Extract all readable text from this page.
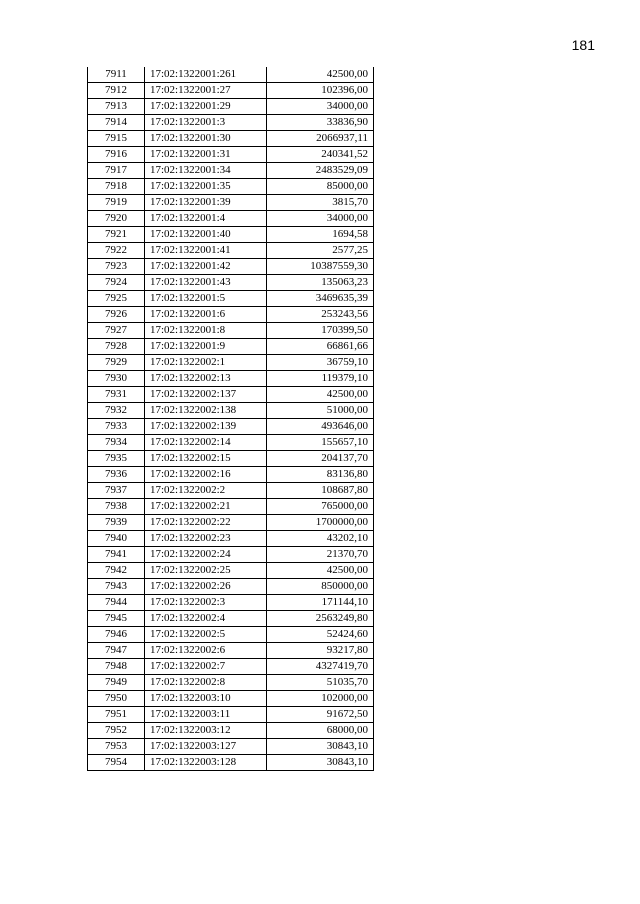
181
7911	17:02:1322001:261	42500,00
7912	17:02:1322001:27	102396,00
7913	17:02:1322001:29	34000,00
7914	17:02:1322001:3	33836,90
7915	17:02:1322001:30	2066937,11
7916	17:02:1322001:31	240341,52
7917	17:02:1322001:34	2483529,09
7918	17:02:1322001:35	85000,00
7919	17:02:1322001:39	3815,70
7920	17:02:1322001:4	34000,00
7921	17:02:1322001:40	1694,58
7922	17:02:1322001:41	2577,25
7923	17:02:1322001:42	10387559,30
7924	17:02:1322001:43	135063,23
7925	17:02:1322001:5	3469635,39
7926	17:02:1322001:6	253243,56
7927	17:02:1322001:8	170399,50
7928	17:02:1322001:9	66861,66
7929	17:02:1322002:1	36759,10
7930	17:02:1322002:13	119379,10
7931	17:02:1322002:137	42500,00
7932	17:02:1322002:138	51000,00
7933	17:02:1322002:139	493646,00
7934	17:02:1322002:14	155657,10
7935	17:02:1322002:15	204137,70
7936	17:02:1322002:16	83136,80
7937	17:02:1322002:2	108687,80
7938	17:02:1322002:21	765000,00
7939	17:02:1322002:22	1700000,00
7940	17:02:1322002:23	43202,10
7941	17:02:1322002:24	21370,70
7942	17:02:1322002:25	42500,00
7943	17:02:1322002:26	850000,00
7944	17:02:1322002:3	171144,10
7945	17:02:1322002:4	2563249,80
7946	17:02:1322002:5	52424,60
7947	17:02:1322002:6	93217,80
7948	17:02:1322002:7	4327419,70
7949	17:02:1322002:8	51035,70
7950	17:02:1322003:10	102000,00
7951	17:02:1322003:11	91672,50
7952	17:02:1322003:12	68000,00
7953	17:02:1322003:127	30843,10
7954	17:02:1322003:128	30843,10
